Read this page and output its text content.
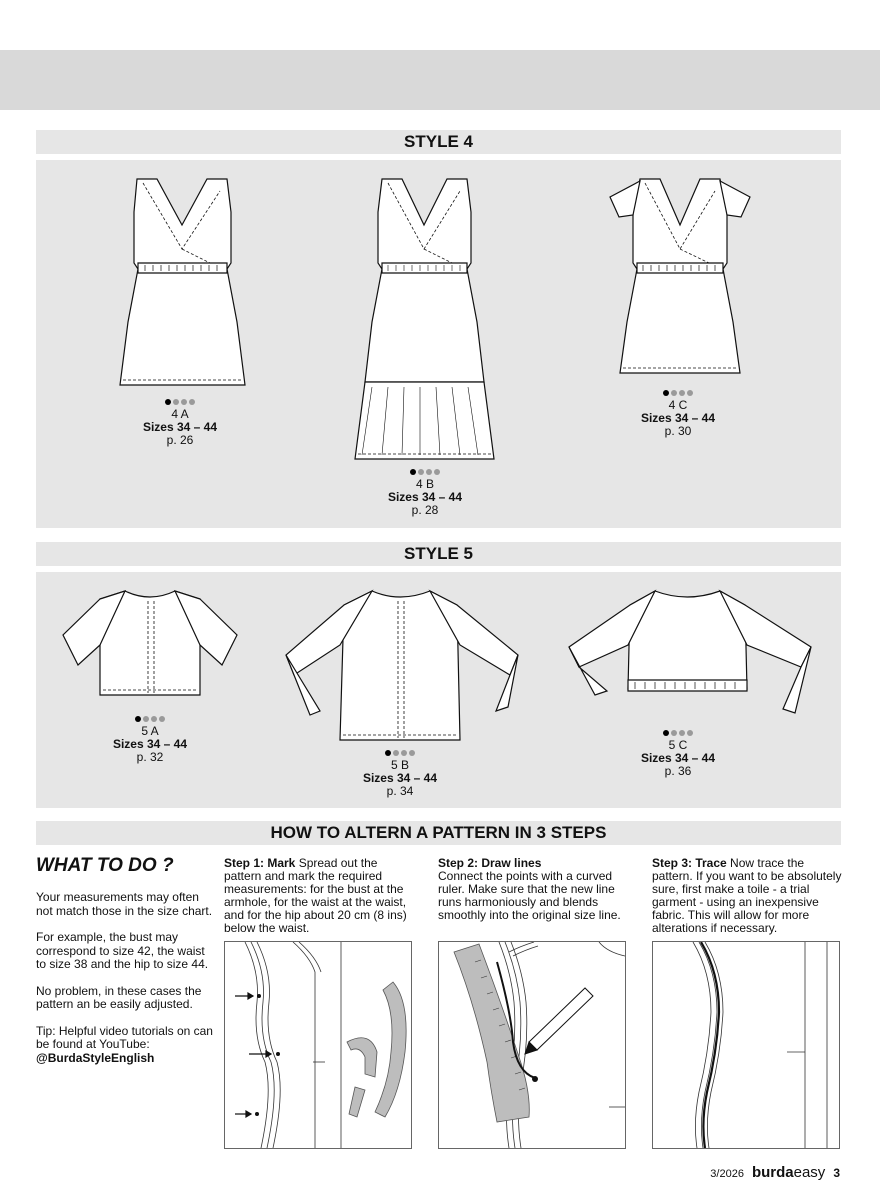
STYLE 4
4 A
Sizes 34 – 44
p. 26
4 B
Sizes 34 – 44
p. 28
4 C
Sizes 34 – 44
p. 30
STYLE 5
5 A
Sizes 34 – 44
p. 32
5 B
Sizes 34 – 44
p. 34
5 C
Sizes 34 – 44
p. 36
HOW TO ALTERN A PATTERN IN 3 STEPS
WHAT TO DO ?

Your measurements may often not match those in the size chart.

For example, the bust may correspond to size 42, the waist to size 38 and the hip to size 44.

No problem, in these cases the pattern an be easily adjusted.

Tip: Helpful video tutorials on can be found at YouTube:
@BurdaStyleEnglish

Step 1: Mark Spread out the pattern and mark the required measurements: for the bust at the armhole, for the waist at the waist, and for the hip about 20 cm (8 ins) below the waist.
Step 2: Draw lines
Connect the points with a curved ruler. Make sure that the new line runs harmoniously and blends smoothly into the original size line.
Step 3: Trace Now trace the pattern. If you want to be absolutely sure, first make a toile - a trial garment - using an inexpensive fabric. This will allow for more alterations if necessary.
3/2026 burdaeasy 3
